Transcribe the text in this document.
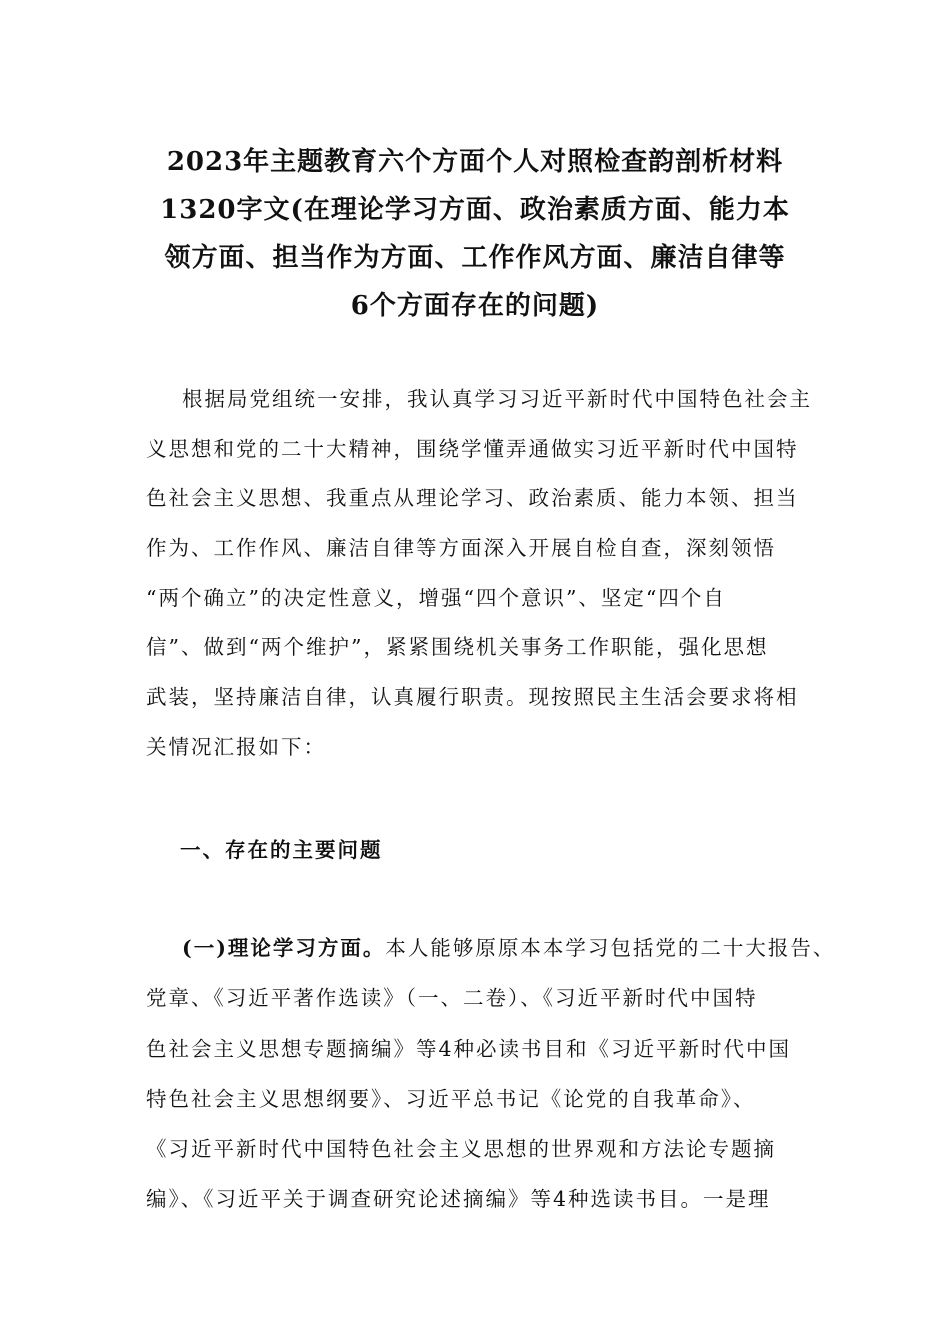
2023年主题教育六个方面个人对照检查韵剖析材料
1320字文(在理论学习方面、政治素质方面、能力本
领方面、担当作为方面、工作作风方面、廉洁自律等
6个方面存在的问题)
根据局党组统一安排，我认真学习习近平新时代中国特色社会主
义思想和党的二十大精神，围绕学懂弄通做实习近平新时代中国特
色社会主义思想、我重点从理论学习、政治素质、能力本领、担当
作为、工作作风、廉洁自律等方面深入开展自检自查，深刻领悟
“两个确立”的决定性意义，增强“四个意识”、坚定“四个自
信”、做到“两个维护”，紧紧围绕机关事务工作职能，强化思想
武装，坚持廉洁自律，认真履行职责。现按照民主生活会要求将相
关情况汇报如下：
一、存在的主要问题
(一)理论学习方面。本人能够原原本本学习包括党的二十大报告、
党章、《习近平著作选读》（一、二卷）、《习近平新时代中国特
色社会主义思想专题摘编》等4种必读书目和《习近平新时代中国
特色社会主义思想纲要》、习近平总书记《论党的自我革命》、
《习近平新时代中国特色社会主义思想的世界观和方法论专题摘
编》、《习近平关于调查研究论述摘编》等4种选读书目。一是理
